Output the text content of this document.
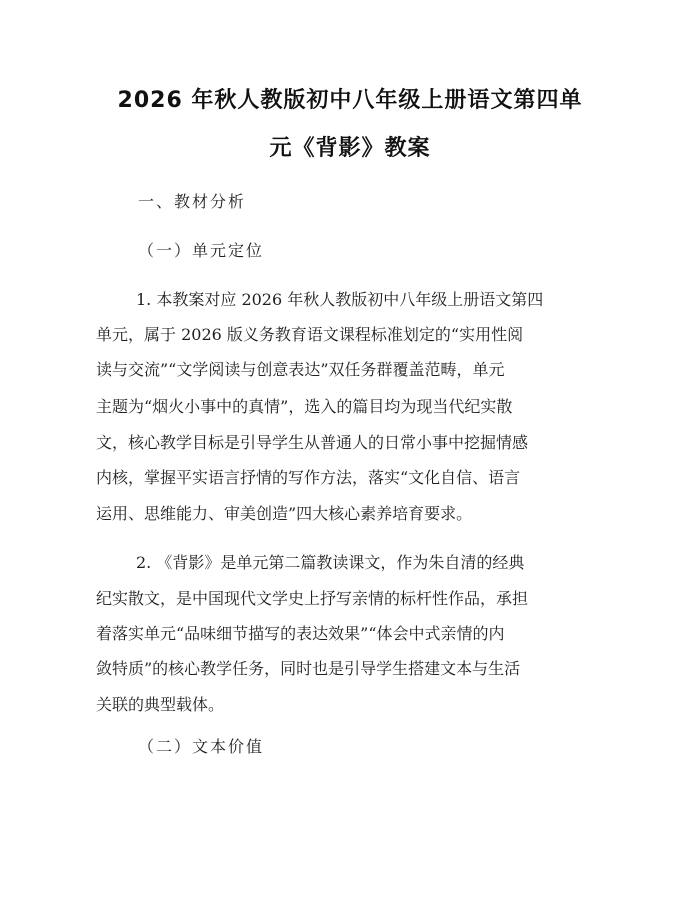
2026 年秋人教版初中八年级上册语文第四单
元《背影》教案

一、教材分析

（一）单元定位

1. 本教案对应 2026 年秋人教版初中八年级上册语文第四

单元，属于 2026 版义务教育语文课程标准划定的“实用性阅

读与交流”“文学阅读与创意表达”双任务群覆盖范畴，单元

主题为“烟火小事中的真情”，选入的篇目均为现当代纪实散

文，核心教学目标是引导学生从普通人的日常小事中挖掘情感

内核，掌握平实语言抒情的写作方法，落实“文化自信、语言

运用、思维能力、审美创造”四大核心素养培育要求。

2. 《背影》是单元第二篇教读课文，作为朱自清的经典

纪实散文，是中国现代文学史上抒写亲情的标杆性作品，承担

着落实单元“品味细节描写的表达效果”“体会中式亲情的内

敛特质”的核心教学任务，同时也是引导学生搭建文本与生活

关联的典型载体。

（二）文本价值
